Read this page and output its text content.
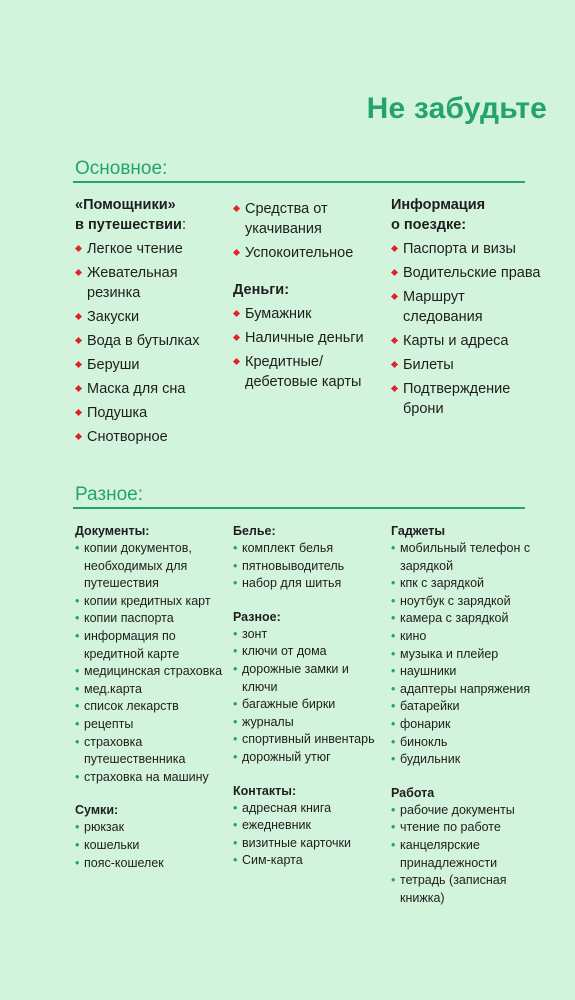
Не забудьте
Основное:
«Помощники»
в путешествии:
Легкое чтение
Жевательная резинка
Закуски
Вода в бутылках
Беруши
Маска для сна
Подушка
Снотворное
Средства от укачивания
Успокоительное
Деньги:
Бумажник
Наличные деньги
Кредитные/ дебетовые карты
Информация
о поездке:
Паспорта и визы
Водительские права
Маршрут следования
Карты и адреса
Билеты
Подтверждение брони
Разное:
Документы:
• копии документов, необходимых для путешествия
• копии кредитных карт
• копии паспорта
• информация по кредитной карте
• медицинская страховка
• мед.карта
• список лекарств
• рецепты
• страховка путешественника
• страховка на машину
Сумки:
• рюкзак
• кошельки
• пояс-кошелек
Белье:
• комплект белья
• пятновыводитель
• набор для шитья
Разное:
• зонт
• ключи от дома
• дорожные замки и ключи
• багажные бирки
• журналы
• спортивный инвентарь
• дорожный утюг
Контакты:
• адресная книга
• ежедневник
• визитные карточки
• Сим-карта
Гаджеты
• мобильный телефон с зарядкой
• кпк с зарядкой
• ноутбук с зарядкой
• камера с зарядкой
• кино
• музыка и плейер
• наушники
• адаптеры напряжения
• батарейки
• фонарик
• бинокль
• будильник
Работа
• рабочие документы
• чтение по работе
• канцелярские принадлежности
• тетрадь (записная книжка)
